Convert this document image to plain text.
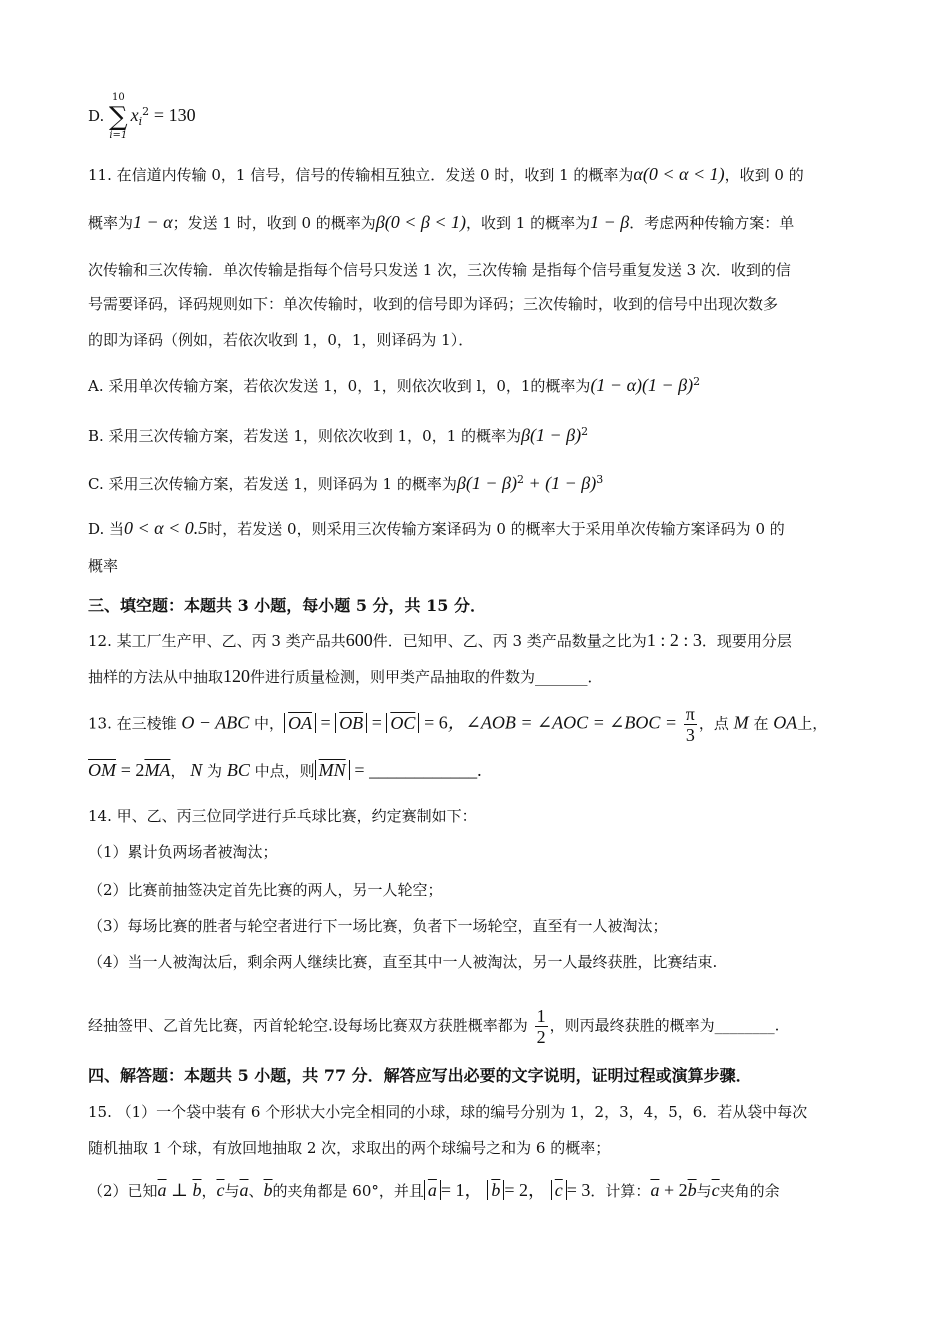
D. 10
∑
$i=1x_i^2 = 130$
11. 在信道内传输 0，1 信号，信号的传输相互独立．发送 0 时，收到 1 的概率为α(0 < α < 1)，收到 0 的
概率为1 − α；发送 1 时，收到 0 的概率为β(0 < β < 1)，收到 1 的概率为1 − β．考虑两种传输方案：单
次传输和三次传输．单次传输是指每个信号只发送 1 次，三次传输 是指每个信号重复发送 3 次．收到的信
号需要译码，译码规则如下：单次传输时，收到的信号即为译码；三次传输时，收到的信号中出现次数多
的即为译码（例如，若依次收到 1，0，1，则译码为 1）．
A. 采用单次传输方案，若依次发送 1，0，1，则依次收到 l，0，1的概率为$(1 - \alpha)(1 - \beta)^2$
B. 采用三次传输方案，若发送 1，则依次收到 1，0，1 的概率为$\beta(1 - \beta)^2$
C. 采用三次传输方案，若发送 1，则译码为 1 的概率为$\beta(1 - \beta)^2 + (1 - \beta)^3$
D. 当0 < α < 0.5时，若发送 0，则采用三次传输方案译码为 0 的概率大于采用单次传输方案译码为 0 的
概率
三、填空题：本题共 3 小题，每小题 5 分，共 15 分．
12. 某工厂生产甲、乙、丙 3 类产品共600件．已知甲、乙、丙 3 类产品数量之比为1 : 2 : 3．现要用分层
抽样的方法从中抽取120件进行质量检测，则甲类产品抽取的件数为_______．
13. 在三棱锥 O − ABC 中， $\overline{OA} = \overline{OB} = \overline{OC} = 6$，∠AOB = ∠AOC = ∠BOC = $\frac{\pi}{3}$ ，点 M 在 OA上，
$\overline{OM} = 2\overline{MA}$， N 为 BC 中点，则 $\overline{MN}$ = ____________.
14. 甲、乙、丙三位同学进行乒乓球比赛，约定赛制如下：
（1）累计负两场者被淘汰；
（2）比赛前抽签决定首先比赛的两人，另一人轮空；
（3）每场比赛的胜者与轮空者进行下一场比赛，负者下一场轮空，直至有一人被淘汰；
（4）当一人被淘汰后，剩余两人继续比赛，直至其中一人被淘汰，另一人最终获胜，比赛结束.
经抽签甲、乙首先比赛，丙首轮轮空.设每场比赛双方获胜概率都为 $\frac{1}{2}$ ，则丙最终获胜的概率为________.
四、解答题：本题共 5 小题，共 77 分．解答应写出必要的文字说明，证明过程或演算步骤．
15. （1）一个袋中装有 6 个形状大小完全相同的小球，球的编号分别为 1，2，3，4，5，6．若从袋中每次
随机抽取 1 个球，有放回地抽取 2 次，求取出的两个球编号之和为 6 的概率；
（2）已知$\overline{a}$ ⊥ $\overline{b}$，$\overline{c}$与$\overline{a}$、$\overline{b}$的夹角都是 60°，并且 $\overline{a} = 1$， $\overline{b} = 2$， $\overline{c} = 3$．计算：$\overline{a} + 2\overline{b}$与$\overline{c}$夹角的余
